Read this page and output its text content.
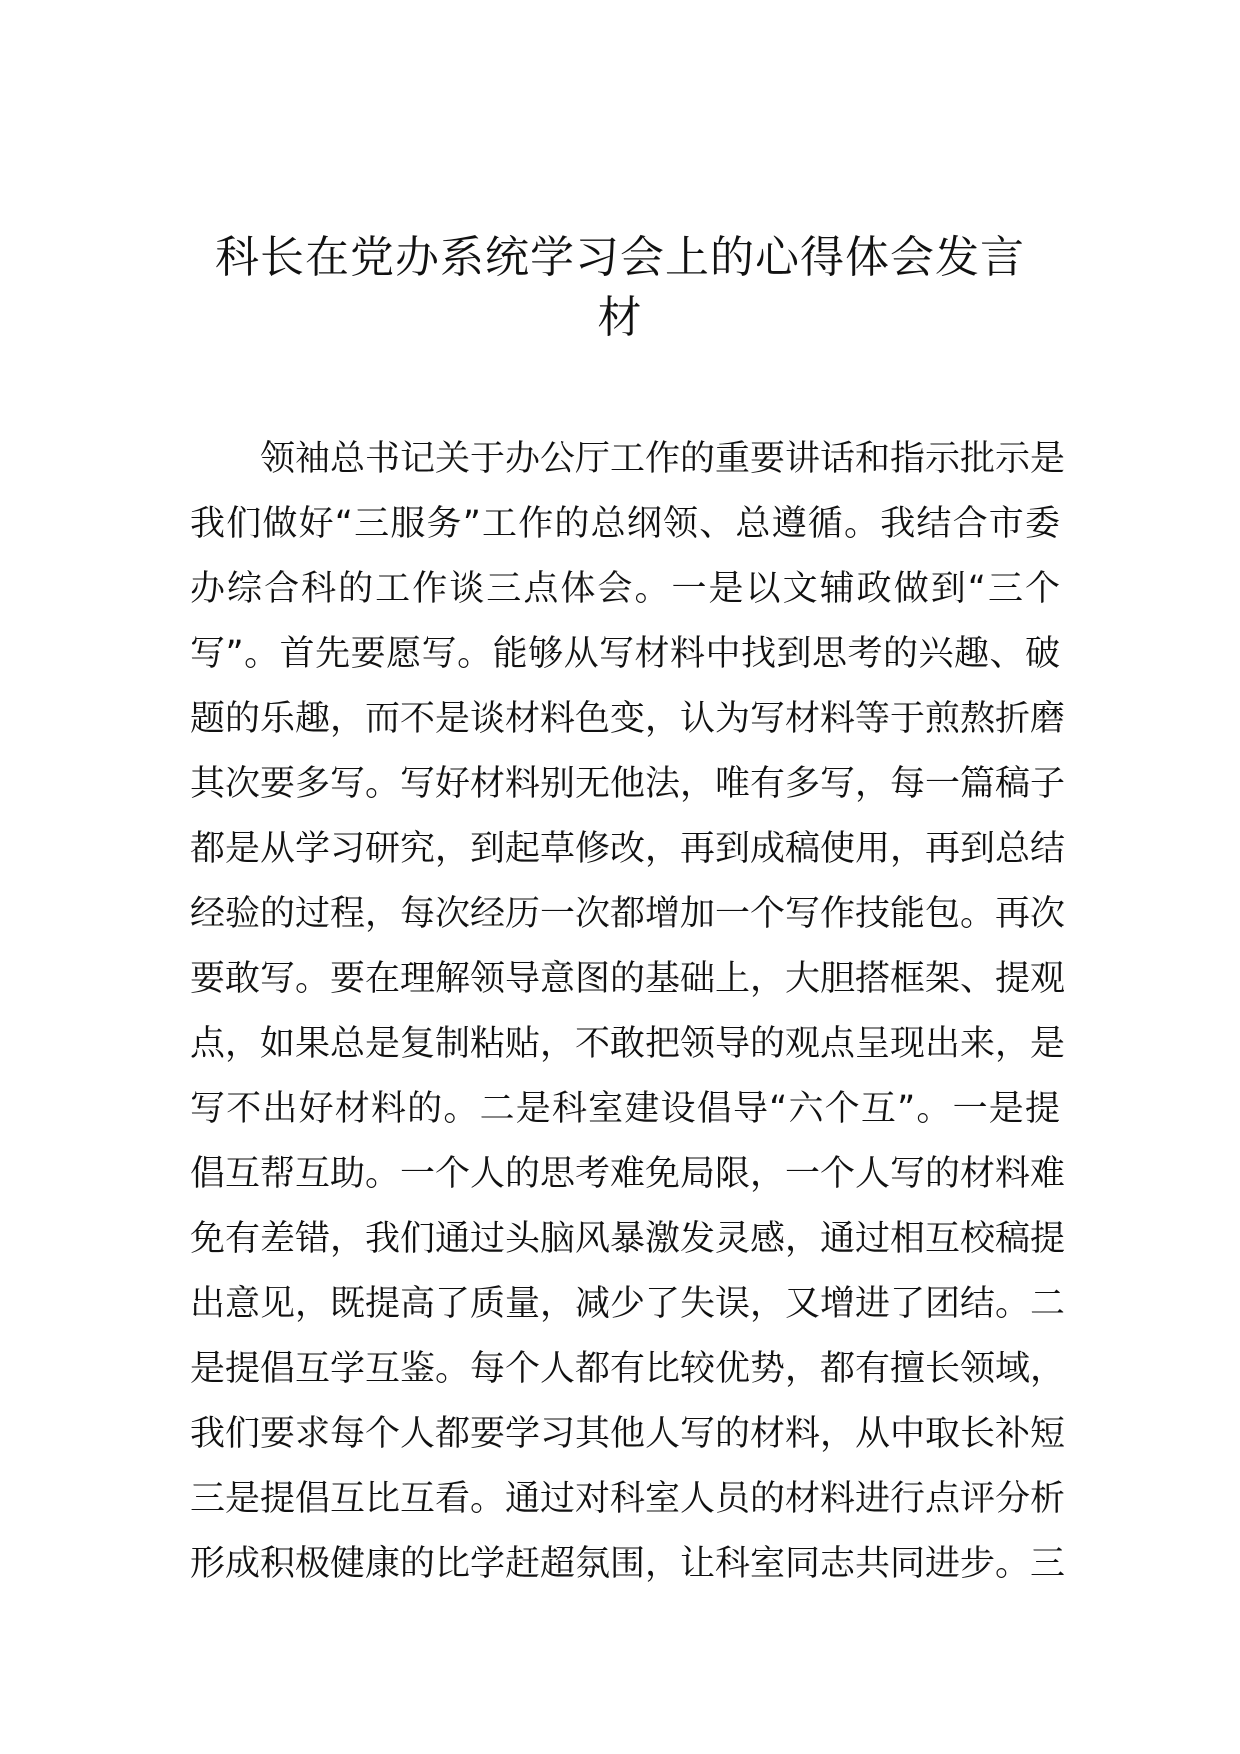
科长在党办系统学习会上的心得体会发言
材
领袖总书记关于办公厅工作的重要讲话和指示批示是
我们做好“三服务”工作的总纲领、总遵循。我结合市委
办综合科的工作谈三点体会。一是以文辅政做到“三个
写”。首先要愿写。能够从写材料中找到思考的兴趣、破
题的乐趣，而不是谈材料色变，认为写材料等于煎熬折磨
其次要多写。写好材料别无他法，唯有多写，每一篇稿子
都是从学习研究，到起草修改，再到成稿使用，再到总结
经验的过程，每次经历一次都增加一个写作技能包。再次
要敢写。要在理解领导意图的基础上，大胆搭框架、提观
点，如果总是复制粘贴，不敢把领导的观点呈现出来，是
写不出好材料的。二是科室建设倡导“六个互”。一是提
倡互帮互助。一个人的思考难免局限，一个人写的材料难
免有差错，我们通过头脑风暴激发灵感，通过相互校稿提
出意见，既提高了质量，减少了失误，又增进了团结。二
是提倡互学互鉴。每个人都有比较优势，都有擅长领域，
我们要求每个人都要学习其他人写的材料，从中取长补短
三是提倡互比互看。通过对科室人员的材料进行点评分析
形成积极健康的比学赶超氛围，让科室同志共同进步。三
